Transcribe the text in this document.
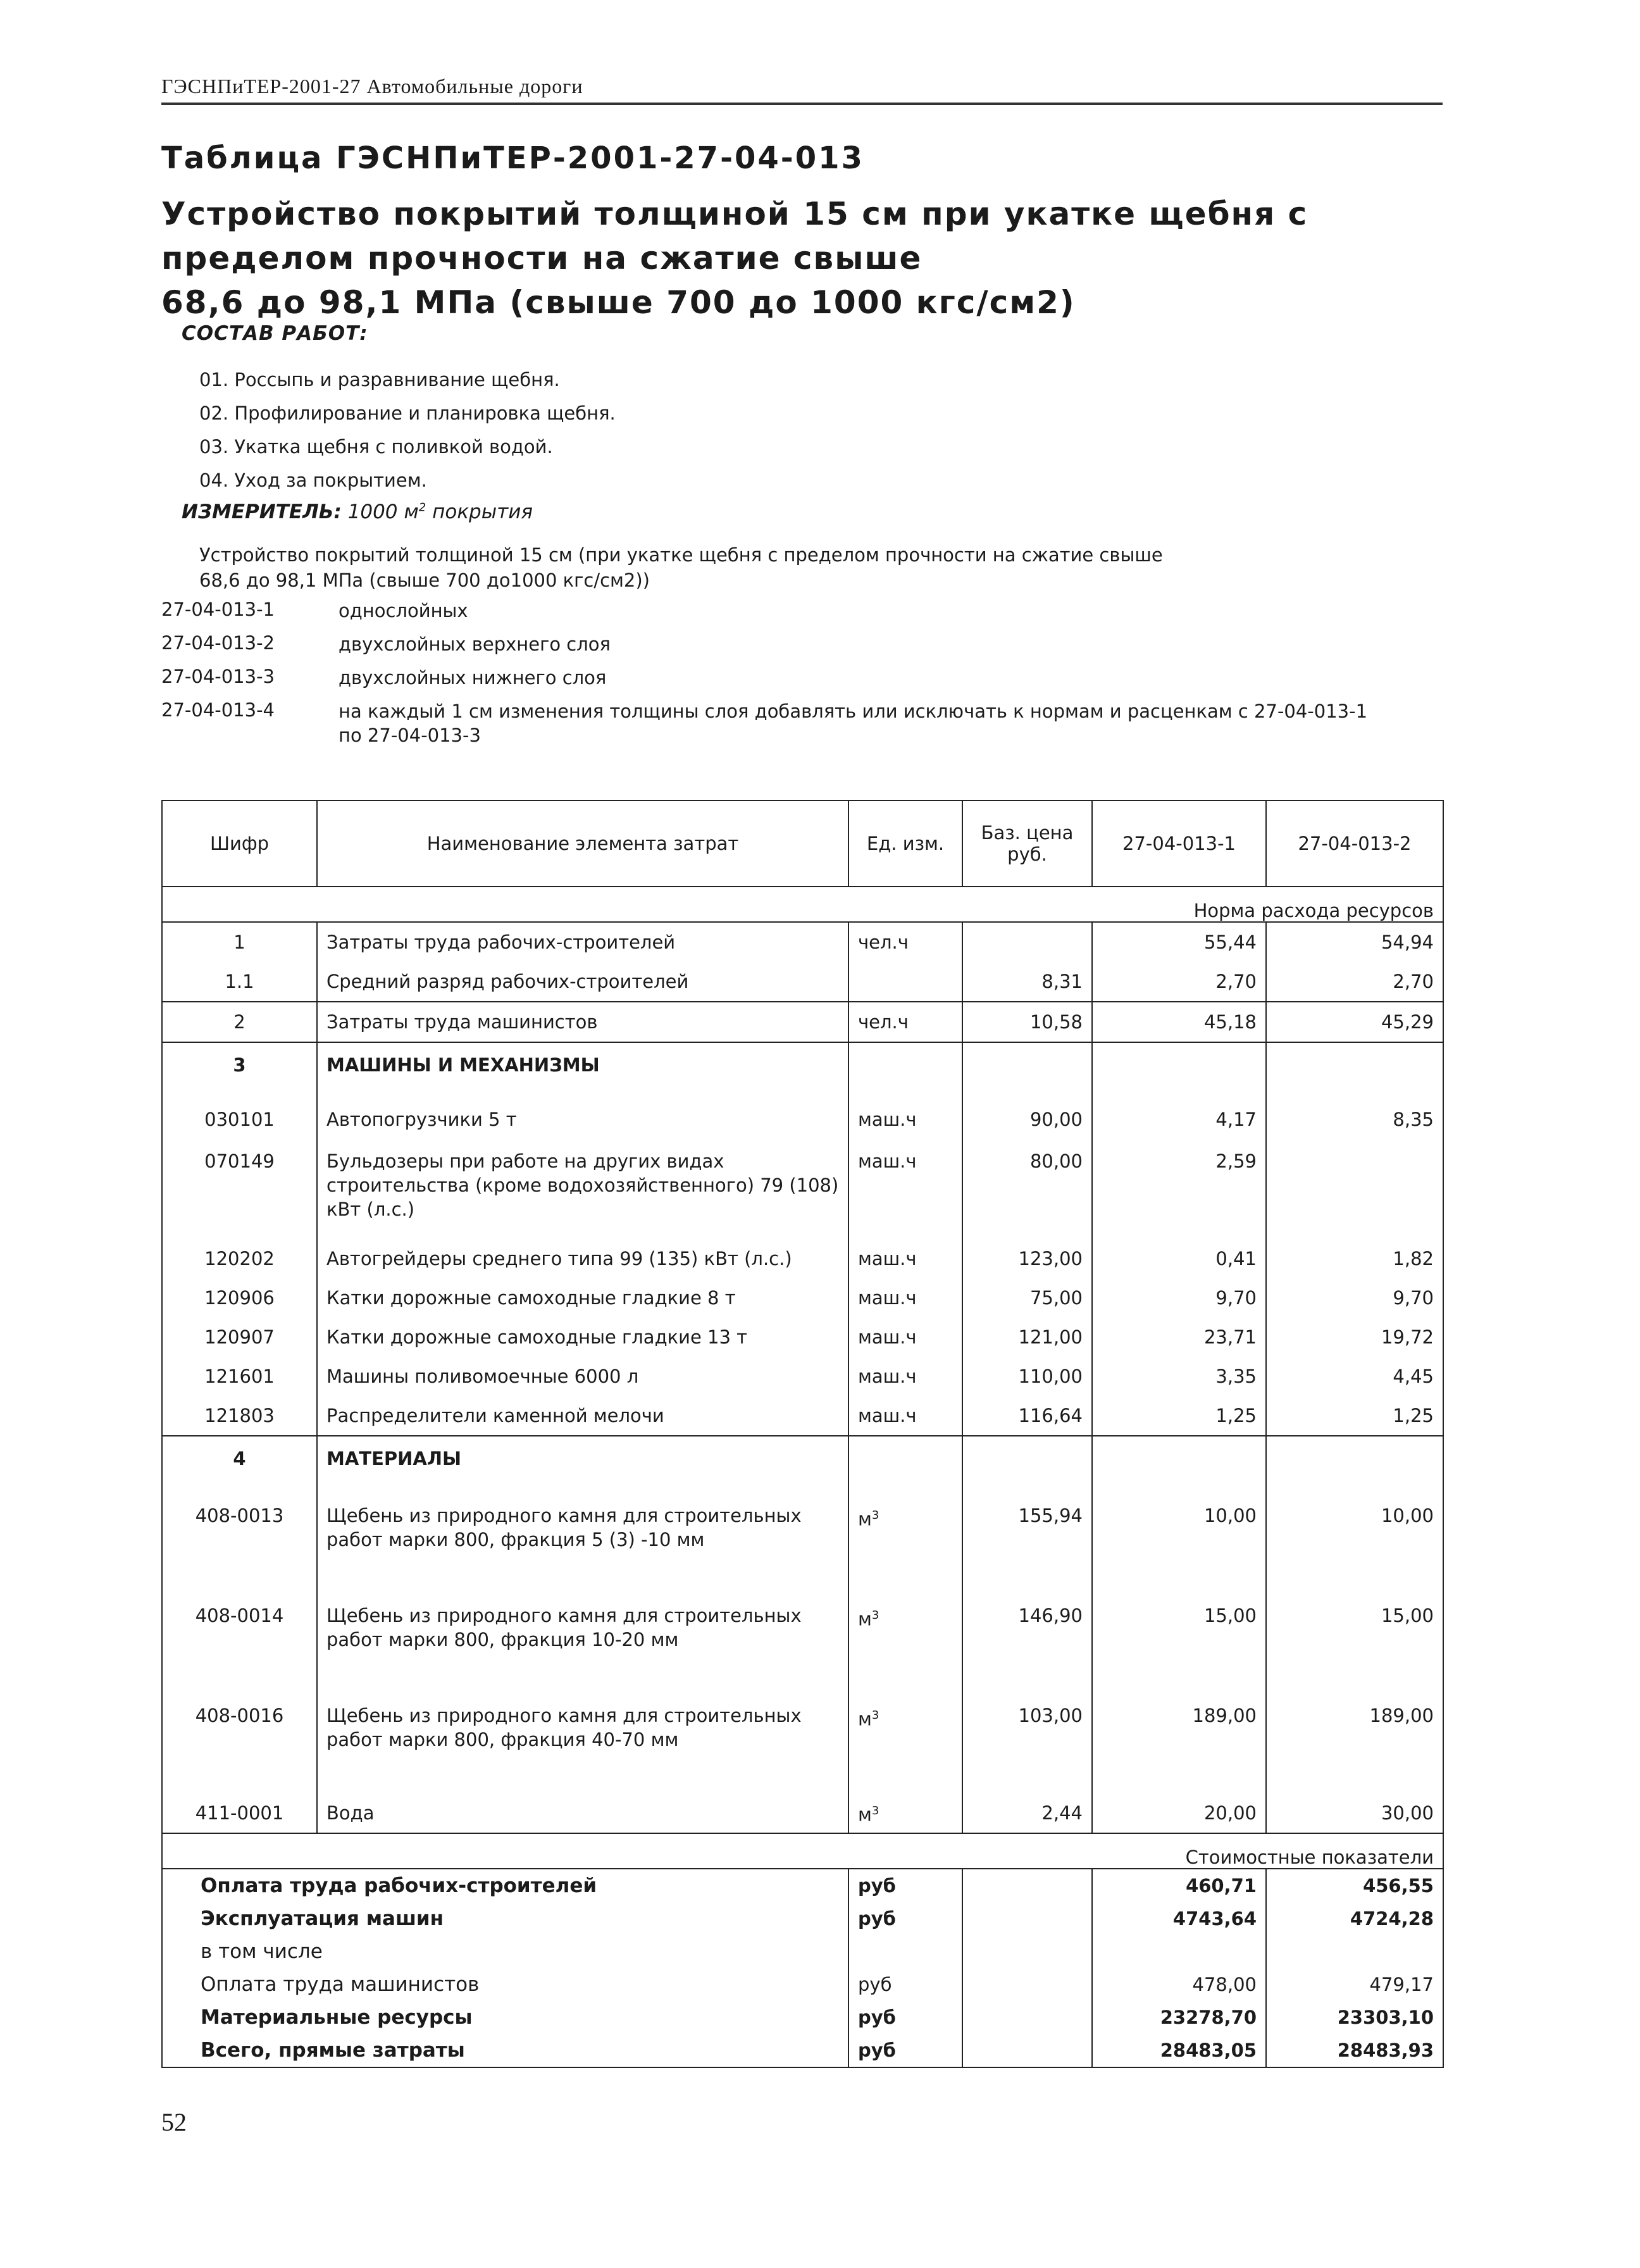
ГЭСНПиТЕР-2001-27 Автомобильные дороги
Таблица ГЭСНПиТЕР-2001-27-04-013
Устройство покрытий толщиной 15 см при укатке щебня с
пределом прочности на сжатие свыше
68,6 до 98,1 МПа (свыше 700 до 1000 кгс/см2)
СОСТАВ РАБОТ:
01. Россыпь и разравнивание щебня.
02. Профилирование и планировка щебня.
03. Укатка щебня с поливкой водой.
04. Уход за покрытием.
ИЗМЕРИТЕЛЬ: 1000 $м^2$ покрытия
Устройство покрытий толщиной 15 см (при укатке щебня с пределом прочности на сжатие свыше
68,6 до 98,1 МПа (свыше 700 до1000 кгс/см2))
27-04-013-1	однослойных
27-04-013-2	двухслойных верхнего слоя
27-04-013-3	двухслойных нижнего слоя
27-04-013-4	на каждый 1 см изменения толщины слоя добавлять или исключать к нормам и расценкам с 27-04-013-1 по 27-04-013-3
Шифр	Наименование элемента затрат	Ед. изм.	Баз. цена руб.	27-04-013-1	27-04-013-2
Норма расхода ресурсов					
1	Затраты труда рабочих-строителей	чел.ч		55,44	54,94
1.1	Средний разряд рабочих-строителей		8,31	2,70	2,70
2	Затраты труда машинистов	чел.ч	10,58	45,18	45,29
3	МАШИНЫ И МЕХАНИЗМЫ				
030101	Автопогрузчики 5 т	маш.ч	90,00	4,17	8,35
070149	Бульдозеры при работе на других видах строительства (кроме водохозяйственного) 79 (108) кВт (л.с.)	маш.ч	80,00	2,59	
120202	Автогрейдеры среднего типа 99 (135) кВт (л.с.)	маш.ч	123,00	0,41	1,82
120906	Катки дорожные самоходные гладкие 8 т	маш.ч	75,00	9,70	9,70
120907	Катки дорожные самоходные гладкие 13 т	маш.ч	121,00	23,71	19,72
121601	Машины поливомоечные 6000 л	маш.ч	110,00	3,35	4,45
121803	Распределители каменной мелочи	маш.ч	116,64	1,25	1,25
4	МАТЕРИАЛЫ				
408-0013	Щебень из природного камня для строительных работ марки 800, фракция 5 (3) -10 мм	$м^3$	155,94	10,00	10,00
408-0014	Щебень из природного камня для строительных работ марки 800, фракция 10-20 мм	$м^3$	146,90	15,00	15,00
408-0016	Щебень из природного камня для строительных работ марки 800, фракция 40-70 мм	$м^3$	103,00	189,00	189,00
411-0001	Вода	$м^3$	2,44	20,00	30,00
Стоимостные показатели					
Оплата труда рабочих-строителей		руб		460,71	456,55
Эксплуатация машин		руб		4743,64	4724,28
в том числе					
Оплата труда машинистов		руб		478,00	479,17
Материальные ресурсы		руб		23278,70	23303,10
Всего, прямые затраты		руб		28483,05	28483,93
52
